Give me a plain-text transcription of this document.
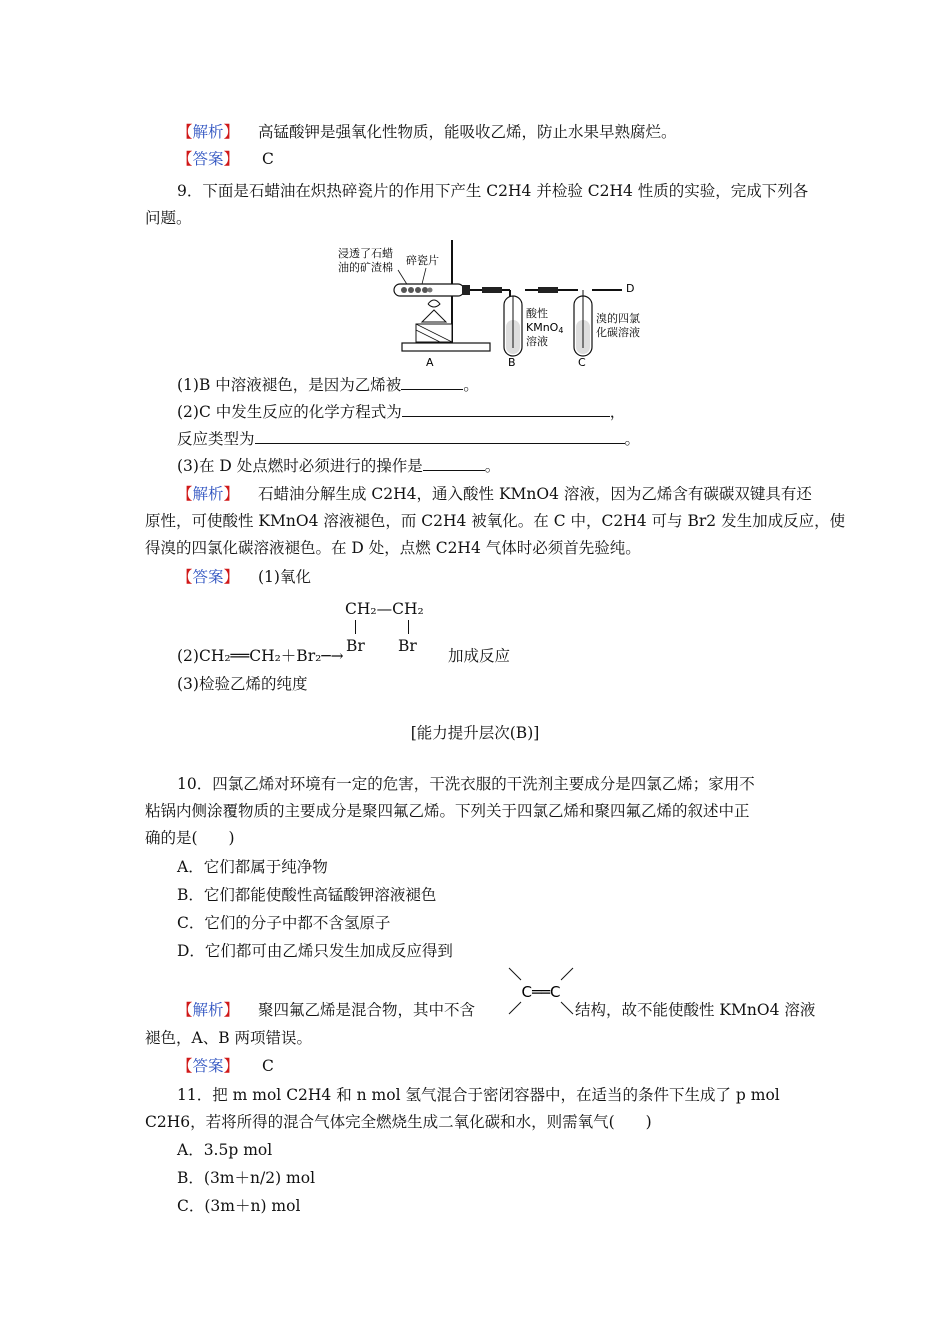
【解析】 高锰酸钾是强氧化性物质，能吸收乙烯，防止水果早熟腐烂。
【答案】 C
9．下面是石蜡油在炽热碎瓷片的作用下产生 C2H4 并检验 C2H4 性质的实验，完成下列各
问题。
浸透了石蜡
油的矿渣棉
碎瓷片
D
酸性
KMnO4
溶液
溴的四氯
化碳溶液
A	B	C
(1)B 中溶液褪色，是因为乙烯被	。
(2)C 中发生反应的化学方程式为	，
反应类型为	。
(3)在 D 处点燃时必须进行的操作是	。
【解析】 石蜡油分解生成 C2H4，通入酸性 KMnO4 溶液，因为乙烯含有碳碳双键具有还
原性，可使酸性 KMnO4 溶液褪色，而 C2H4 被氧化。在 C 中，C2H4 可与 Br2 发生加成反应，使
得溴的四氯化碳溶液褪色。在 D 处，点燃 C2H4 气体时必须首先验纯。
【答案】 (1)氧化
CH₂—CH₂
Br Br
(2)CH₂══CH₂＋Br₂─→	加成反应
(3)检验乙烯的纯度
[能力提升层次(B)]
10．四氯乙烯对环境有一定的危害，干洗衣服的干洗剂主要成分是四氯乙烯；家用不
粘锅内侧涂覆物质的主要成分是聚四氟乙烯。下列关于四氯乙烯和聚四氟乙烯的叙述中正
确的是(　　)
A．它们都属于纯净物
B．它们都能使酸性高锰酸钾溶液褪色
C．它们的分子中都不含氢原子
D．它们都可由乙烯只发生加成反应得到
C══C
【解析】 聚四氟乙烯是混合物，其中不含	结构，故不能使酸性 KMnO4 溶液
褪色，A、B 两项错误。
【答案】 C
11．把 m mol C2H4 和 n mol 氢气混合于密闭容器中，在适当的条件下生成了 p mol
C2H6，若将所得的混合气体完全燃烧生成二氧化碳和水，则需氧气(　　)
A．3.5p mol
B．(3m＋n/2) mol
C．(3m＋n) mol
